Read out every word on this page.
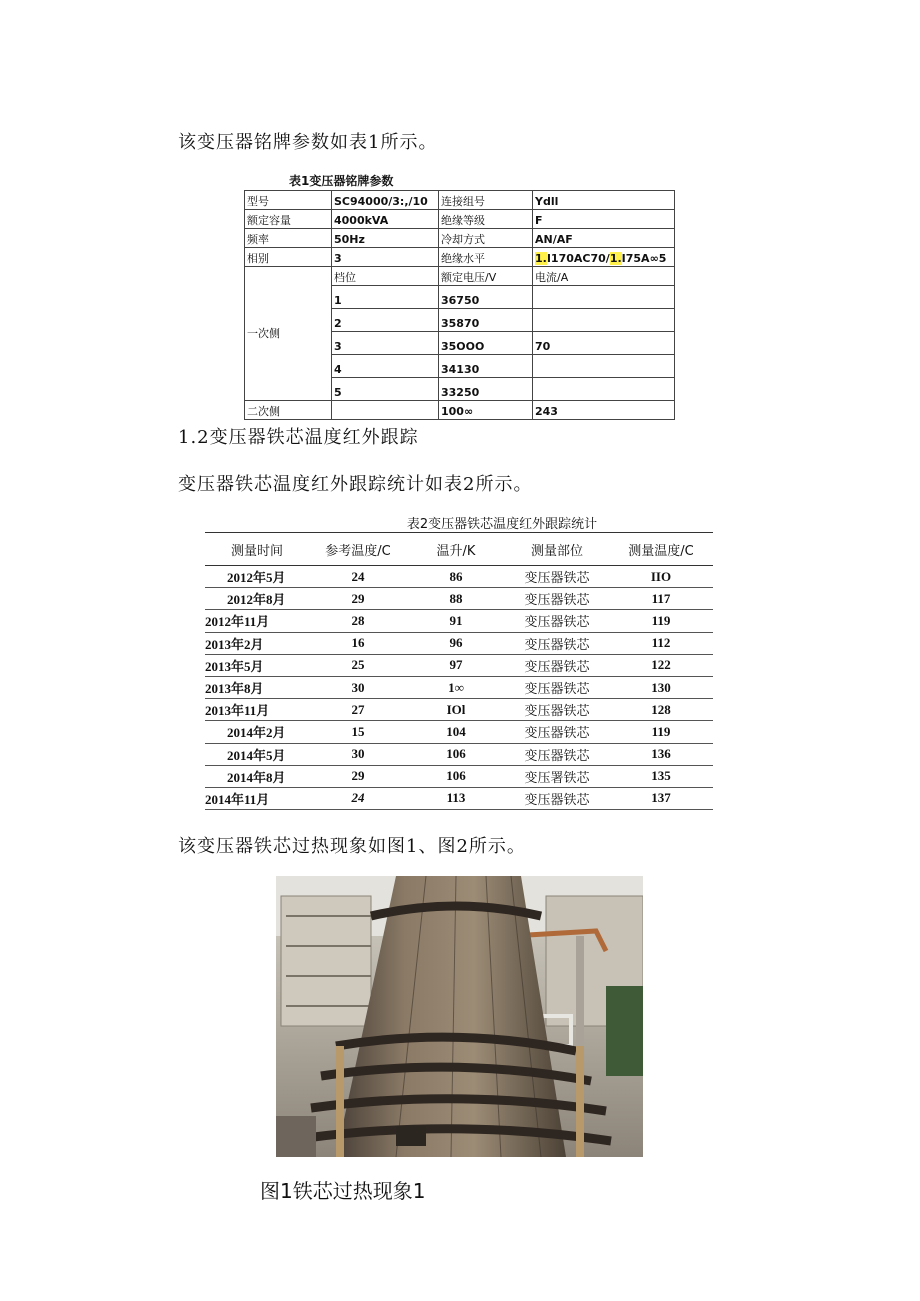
该变压器铭牌参数如表1所示。
表1变压器铭牌参数
型号	SC94000/3:,/10	连接组号	Ydll
额定容量	4000kVA	绝缘等级	F
频率	50Hz	冷却方式	AN/AF
相别	3	绝缘水平	1.I170AC70/1.I75A∞5
一次侧	档位	额定电压/V	电流/A
	1	36750	
	2	35870	
	3	35OOO	70
	4	34130	
	5	33250	
二次侧		100∞	243
1.2变压器铁芯温度红外跟踪
变压器铁芯温度红外跟踪统计如表2所示。
表2变压器铁芯温度红外跟踪统计
测量时间	参考温度/C	温升/K	测量部位	测量温度/C
2012年5月	24	86	变压器铁芯	IIO
2012年8月	29	88	变压器铁芯	117
2012年11月	28	91	变压器铁芯	119
2013年2月	16	96	变压器铁芯	112
2013年5月	25	97	变压器铁芯	122
2013年8月	30	1∞	变压器铁芯	130
2013年11月	27	IOl	变压器铁芯	128
2014年2月	15	104	变压器铁芯	119
2014年5月	30	106	变压器铁芯	136
2014年8月	29	106	变压署铁芯	135
2014年11月	24	113	变压器铁芯	137
该变压器铁芯过热现象如图1、图2所示。
图1铁芯过热现象1
